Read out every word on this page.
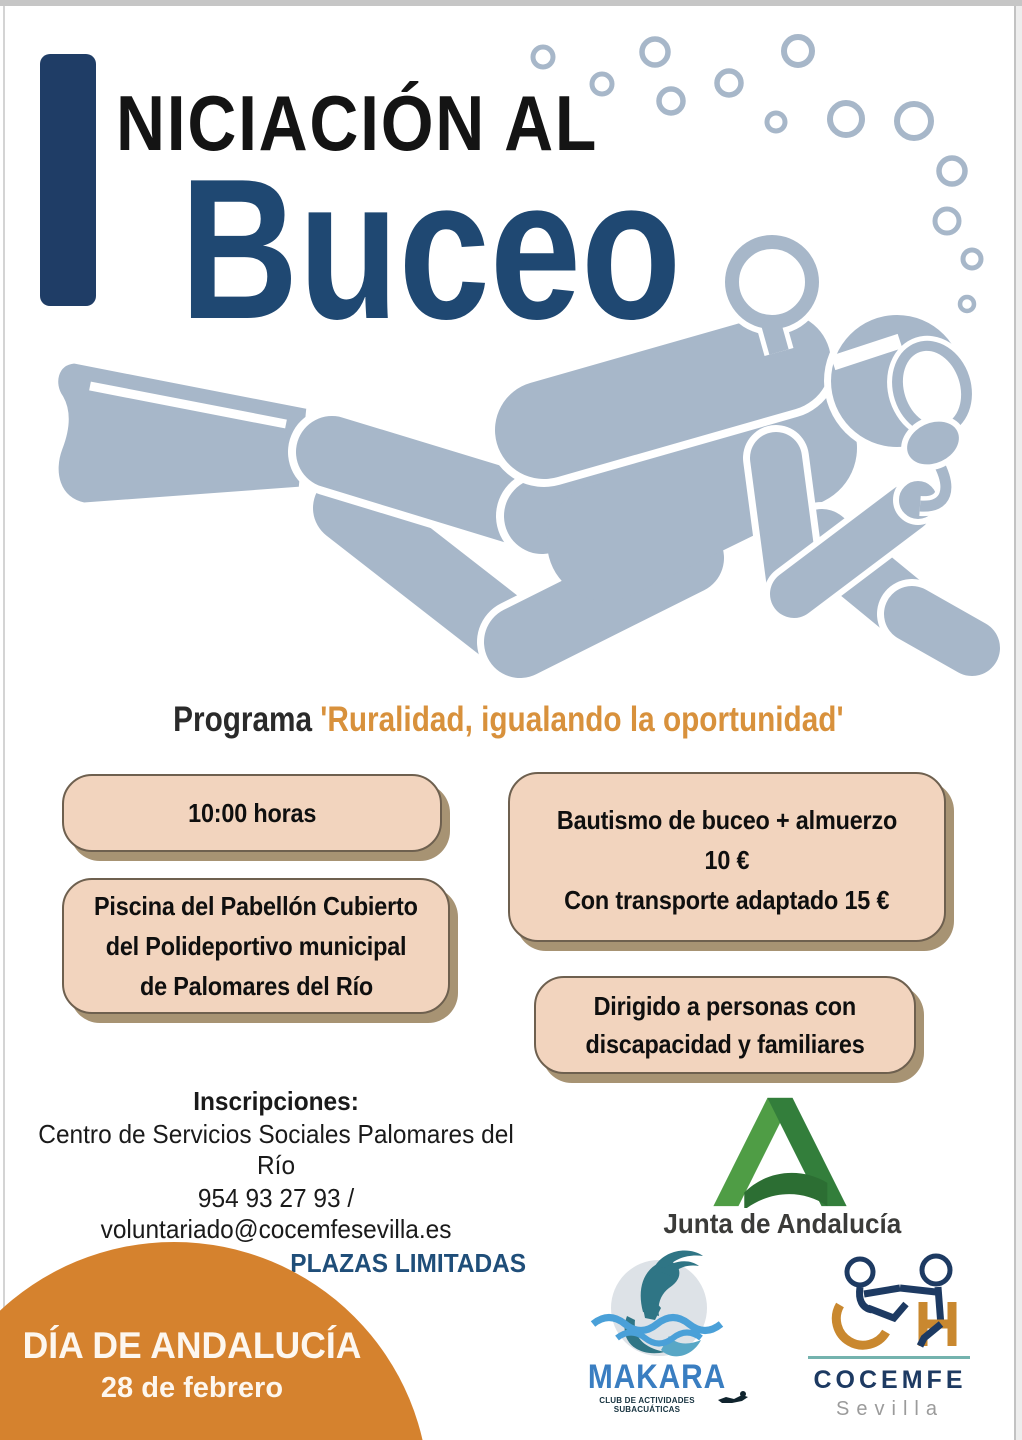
NICIACIÓN AL
Buceo
Programa 'Ruralidad, igualando la oportunidad'
10:00 horas
Piscina del Pabellón Cubierto
del Polideportivo municipal
de Palomares del Río
Bautismo de buceo + almuerzo
10 €
Con transporte adaptado 15 €
Dirigido a personas con
discapacidad y familiares
Inscripciones:
Centro de Servicios Sociales Palomares del Río
954 93 27 93 / voluntariado@cocemfesevilla.es
PLAZAS LIMITADAS
Junta de Andalucía
DÍA DE ANDALUCÍA
28 de febrero	MAKARA
CLUB DE ACTIVIDADES SUBACUÁTICAS
COCEMFE
Sevilla
